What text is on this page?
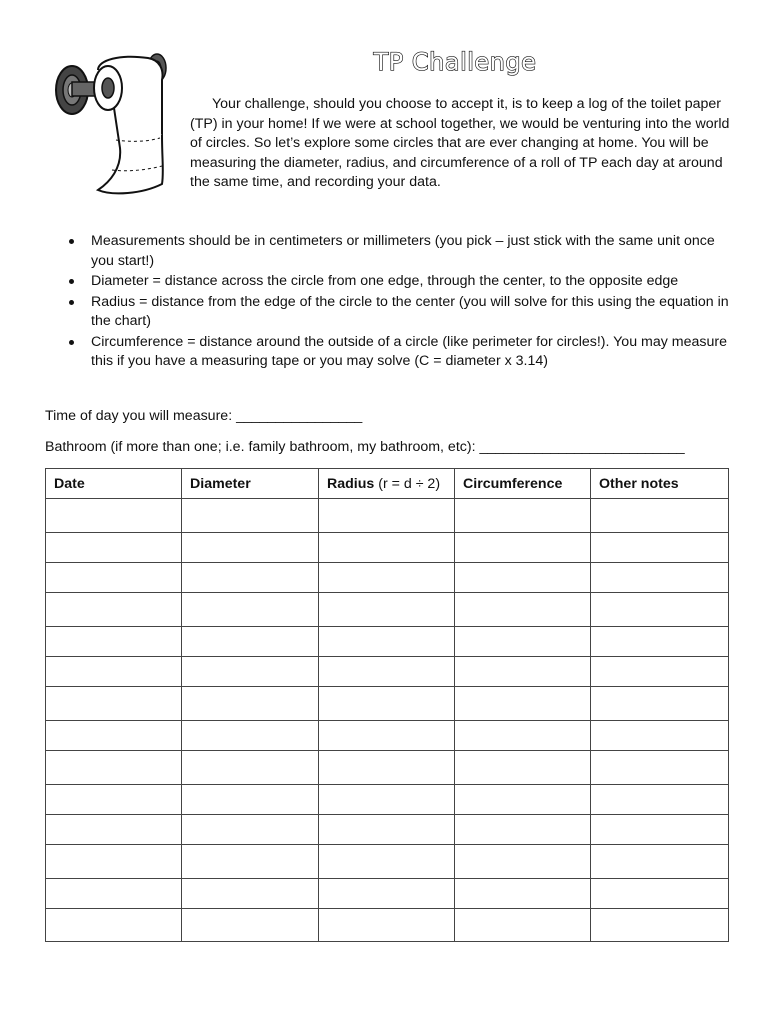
TP Challenge

Your challenge, should you choose to accept it, is to keep a log of the toilet paper (TP) in your home! If we were at school together, we would be venturing into the world of circles. So let’s explore some circles that are ever changing at home. You will be measuring the diameter, radius, and circumference of a roll of TP each day at around the same time, and recording your data.

Measurements should be in centimeters or millimeters (you pick – just stick with the same unit once you start!)
Diameter = distance across the circle from one edge, through the center, to the opposite edge
Radius = distance from the edge of the circle to the center (you will solve for this using the equation in the chart)
Circumference = distance around the outside of a circle (like perimeter for circles!). You may measure this if you have a measuring tape or you may solve (C = diameter x 3.14)

Time of day you will measure: ________________

Bathroom (if more than one; i.e. family bathroom, my bathroom, etc): __________________________

Date	Diameter	Radius (r = d ÷ 2)	Circumference	Other notes
